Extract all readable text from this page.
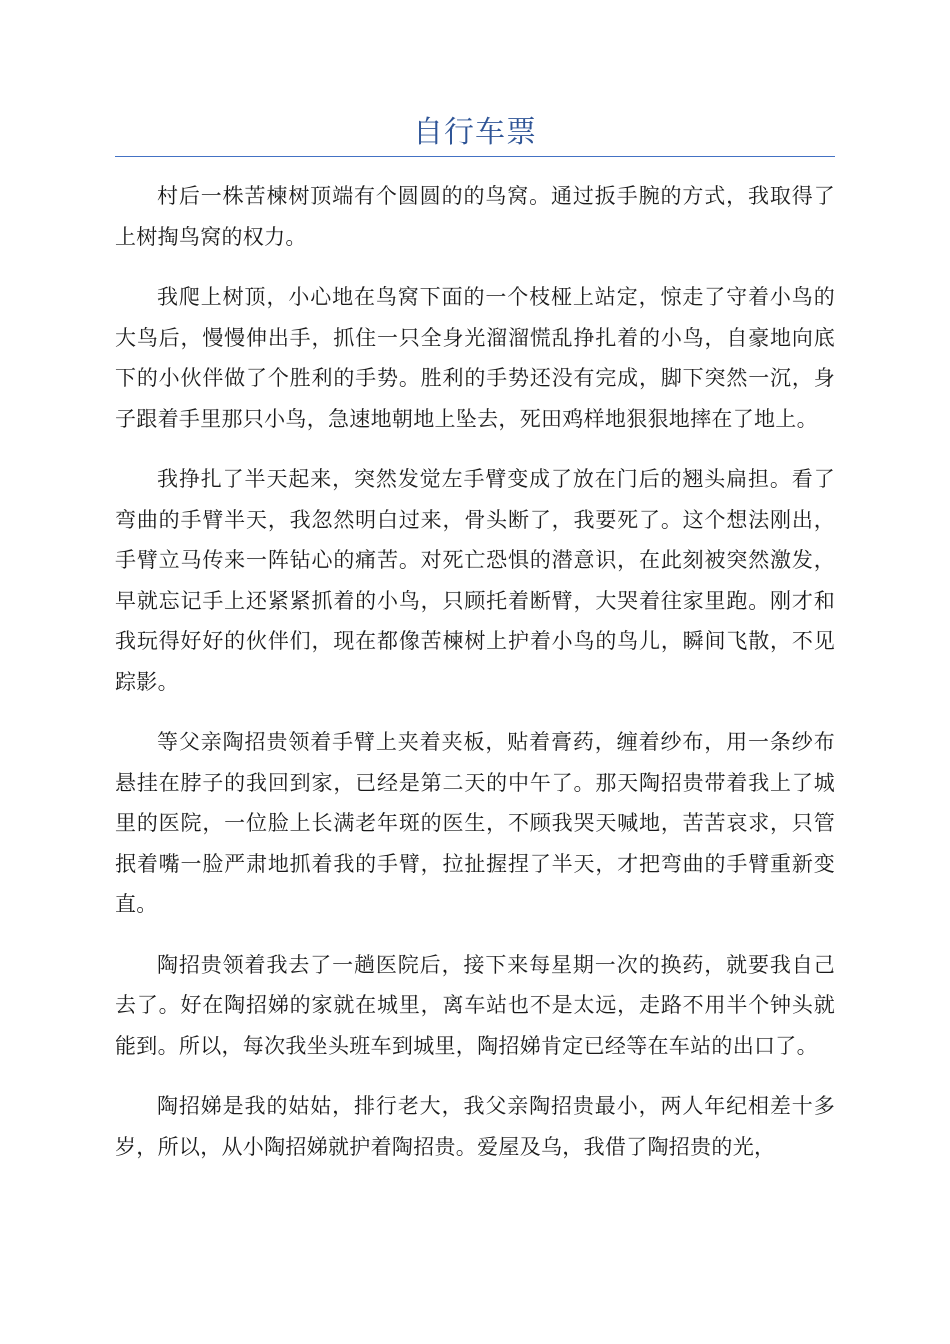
自行车票

村后一株苦楝树顶端有个圆圆的的鸟窝。通过扳手腕的方式，我取得了上树掏鸟窝的权力。

我爬上树顶，小心地在鸟窝下面的一个枝桠上站定，惊走了守着小鸟的大鸟后，慢慢伸出手，抓住一只全身光溜溜慌乱挣扎着的小鸟，自豪地向底下的小伙伴做了个胜利的手势。胜利的手势还没有完成，脚下突然一沉，身子跟着手里那只小鸟，急速地朝地上坠去，死田鸡样地狠狠地摔在了地上。

我挣扎了半天起来，突然发觉左手臂变成了放在门后的翘头扁担。看了弯曲的手臂半天，我忽然明白过来，骨头断了，我要死了。这个想法刚出，手臂立马传来一阵钻心的痛苦。对死亡恐惧的潜意识，在此刻被突然激发，早就忘记手上还紧紧抓着的小鸟，只顾托着断臂，大哭着往家里跑。刚才和我玩得好好的伙伴们，现在都像苦楝树上护着小鸟的鸟儿，瞬间飞散，不见踪影。

等父亲陶招贵领着手臂上夹着夹板，贴着膏药，缠着纱布，用一条纱布悬挂在脖子的我回到家，已经是第二天的中午了。那天陶招贵带着我上了城里的医院，一位脸上长满老年斑的医生，不顾我哭天喊地，苦苦哀求，只管抿着嘴一脸严肃地抓着我的手臂，拉扯握捏了半天，才把弯曲的手臂重新变直。

陶招贵领着我去了一趟医院后，接下来每星期一次的换药，就要我自己去了。好在陶招娣的家就在城里，离车站也不是太远，走路不用半个钟头就能到。所以，每次我坐头班车到城里，陶招娣肯定已经等在车站的出口了。

陶招娣是我的姑姑，排行老大，我父亲陶招贵最小，两人年纪相差十多岁，所以，从小陶招娣就护着陶招贵。爱屋及乌，我借了陶招贵的光，
